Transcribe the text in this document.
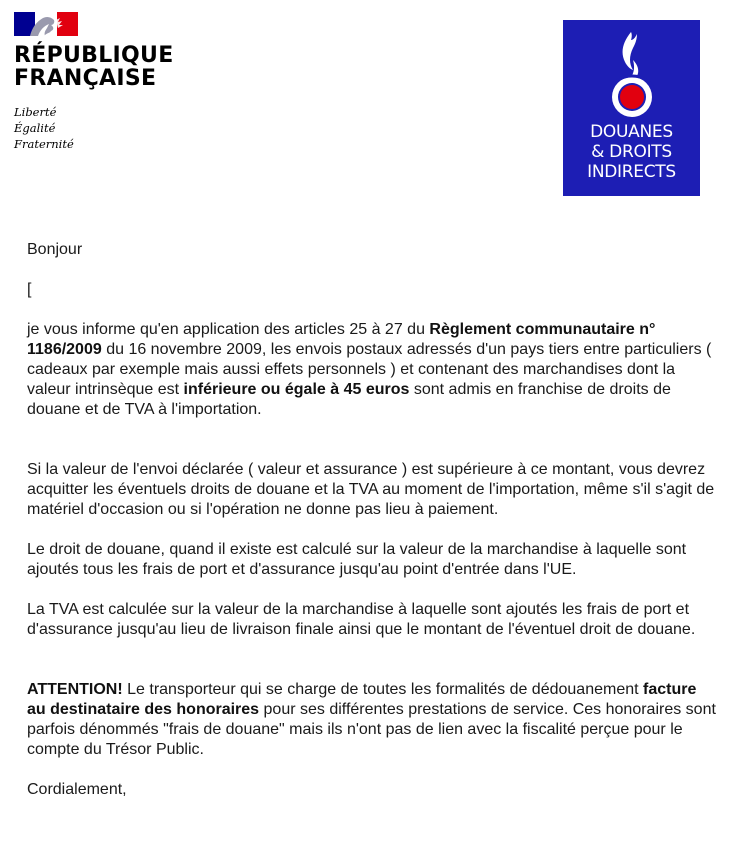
RÉPUBLIQUE
FRANÇAISE
Liberté
Égalité
Fraternité
DOUANES
& DROITS
INDIRECTS

Bonjour

[

je vous informe qu'en application des articles 25 à 27 du Règlement communautaire n° 1186/2009 du 16 novembre 2009, les envois postaux adressés d'un pays tiers entre particuliers ( cadeaux par exemple mais aussi effets personnels ) et contenant des marchandises dont la valeur intrinsèque est inférieure ou égale à 45 euros sont admis en franchise de droits de douane et de TVA à l'importation.

Si la valeur de l'envoi déclarée ( valeur et assurance ) est supérieure à ce montant, vous devrez acquitter les éventuels droits de douane et la TVA au moment de l'importation, même s'il s'agit de matériel d'occasion ou si l'opération ne donne pas lieu à paiement.

Le droit de douane, quand il existe est calculé sur la valeur de la marchandise à laquelle sont ajoutés tous les frais de port et d'assurance jusqu'au point d'entrée dans l'UE.

La TVA est calculée sur la valeur de la marchandise à laquelle sont ajoutés les frais de port et d'assurance jusqu'au lieu de livraison finale ainsi que le montant de l'éventuel droit de douane.

ATTENTION! Le transporteur qui se charge de toutes les formalités de dédouanement facture au destinataire des honoraires pour ses différentes prestations de service. Ces honoraires sont parfois dénommés "frais de douane" mais ils n'ont pas de lien avec la fiscalité perçue pour le compte du Trésor Public.

Cordialement,
